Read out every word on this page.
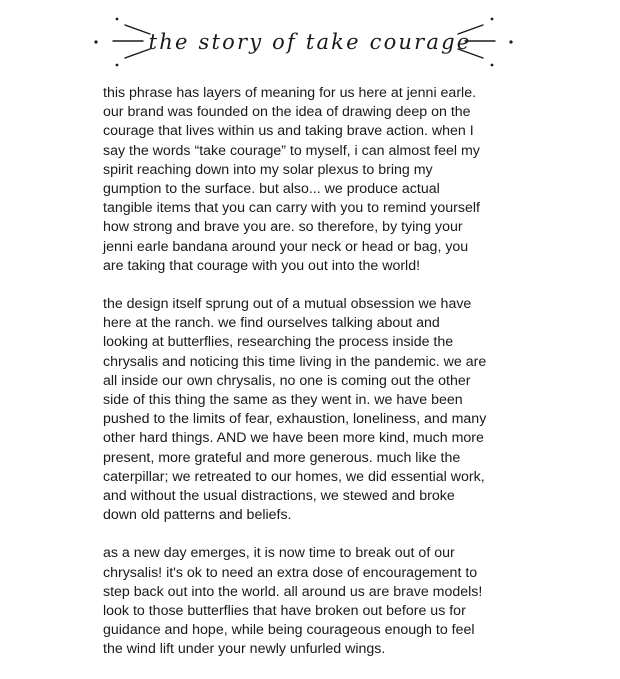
the story of take courage

this phrase has layers of meaning for us here at jenni earle.
our brand was founded on the idea of drawing deep on the
courage that lives within us and taking brave action. when I
say the words “take courage” to myself, i can almost feel my
spirit reaching down into my solar plexus to bring my
gumption to the surface. but also... we produce actual
tangible items that you can carry with you to remind yourself
how strong and brave you are. so therefore, by tying your
jenni earle bandana around your neck or head or bag, you
are taking that courage with you out into the world!

the design itself sprung out of a mutual obsession we have
here at the ranch. we find ourselves talking about and
looking at butterflies, researching the process inside the
chrysalis and noticing this time living in the pandemic. we are
all inside our own chrysalis, no one is coming out the other
side of this thing the same as they went in. we have been
pushed to the limits of fear, exhaustion, loneliness, and many
other hard things. AND we have been more kind, much more
present, more grateful and more generous. much like the
caterpillar; we retreated to our homes, we did essential work,
and without the usual distractions, we stewed and broke
down old patterns and beliefs.

as a new day emerges, it is now time to break out of our
chrysalis! it's ok to need an extra dose of encouragement to
step back out into the world. all around us are brave models!
look to those butterflies that have broken out before us for
guidance and hope, while being courageous enough to feel
the wind lift under your newly unfurled wings.
